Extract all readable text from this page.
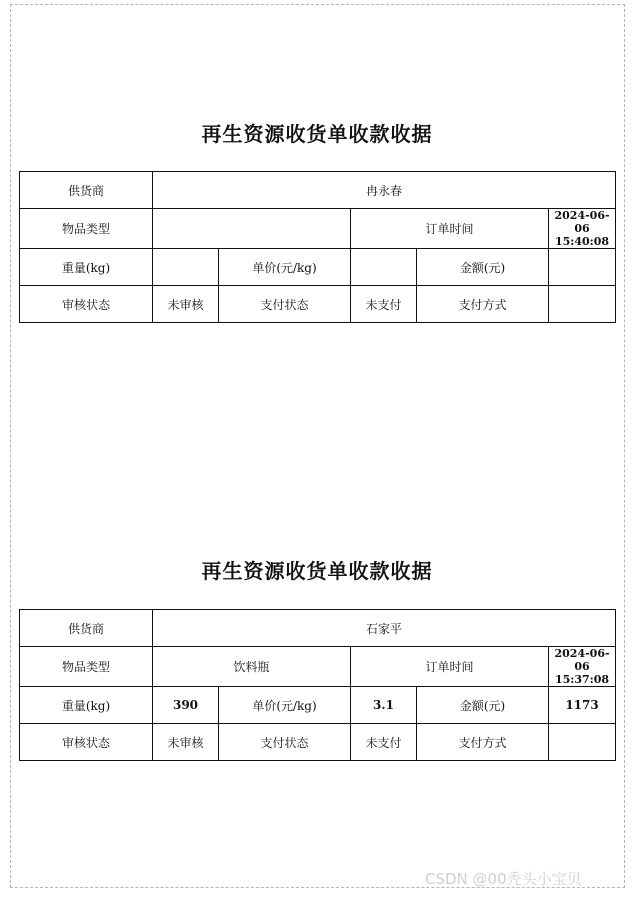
再生资源收货单收款收据
供货商	冉永春				
物品类型			订单时间		2024-06-06 15:40:08
重量(kg)		单价(元/kg)		金额(元)	
审核状态	未审核	支付状态	未支付	支付方式	
再生资源收货单收款收据
供货商	石家平				
物品类型	饮料瓶		订单时间		2024-06-06 15:37:08
重量(kg)	390	单价(元/kg)	3.1	金额(元)	1173
审核状态	未审核	支付状态	未支付	支付方式	
CSDN @00秃头小宝贝
